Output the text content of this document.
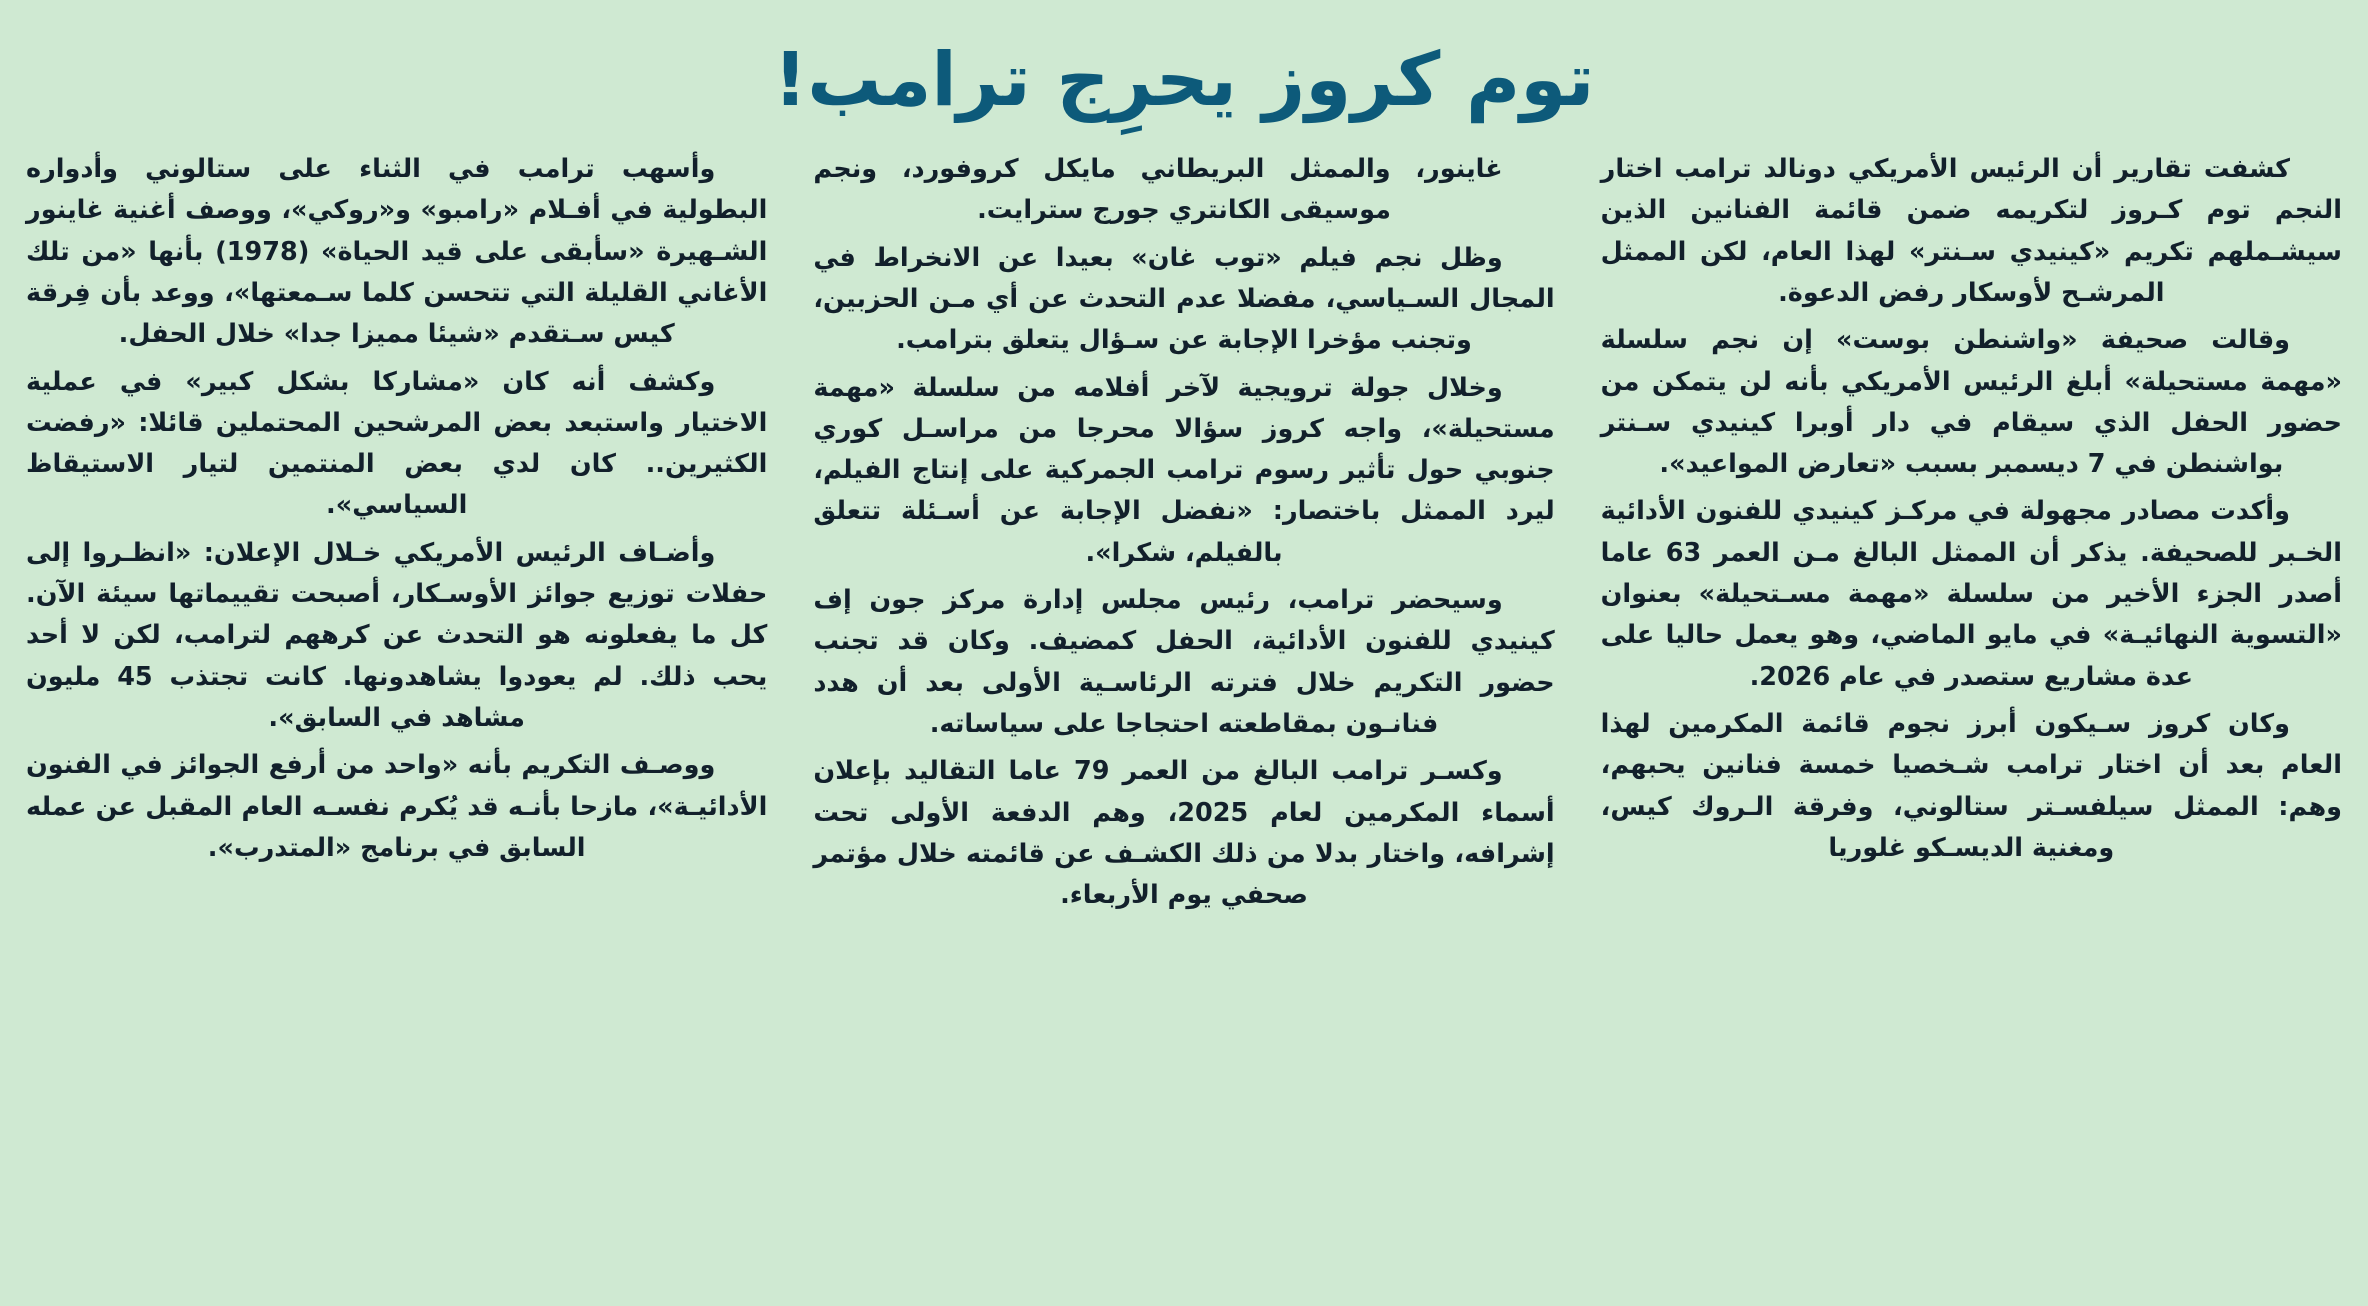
توم كروز يحرِج ترامب!

كشفت تقارير أن الرئيس الأمريكي دونالد ترامب اختار النجم توم كـروز لتكريمه ضمن قائمة الفنانين الذين سيشـملهم تكريم «كينيدي سـنتر» لهذا العام، لكن الممثل المرشـح لأوسكار رفض الدعوة.

وقالت صحيفة «واشنطن بوست» إن نجم سلسلة «مهمة مستحيلة» أبلغ الرئيس الأمريكي بأنه لن يتمكن من حضور الحفل الذي سيقام في دار أوبرا كينيدي سـنتر بواشنطن في 7 ديسمبر بسبب «تعارض المواعيد».

وأكدت مصادر مجهولة في مركـز كينيدي للفنون الأدائية الخـبر للصحيفة. يذكر أن الممثل البالغ مـن العمر 63 عاما أصدر الجزء الأخير من سلسلة «مهمة مسـتحيلة» بعنوان «التسوية النهائيـة» في مايو الماضي، وهو يعمل حاليا على عدة مشاريع ستصدر في عام 2026.

وكان كروز سـيكون أبرز نجوم قائمة المكرمين لهذا العام بعد أن اختار ترامب شـخصيا خمسة فنانين يحبهم، وهم: الممثل سيلفسـتر ستالوني، وفرقة الـروك كيس، ومغنية الديسـكو غلوريا

غاينور، والممثل البريطاني مايكل كروفورد، ونجم موسيقى الكانتري جورج سترايت.

وظل نجم فيلم «توب غان» بعيدا عن الانخراط في المجال السـياسي، مفضلا عدم التحدث عن أي مـن الحزبين، وتجنب مؤخرا الإجابة عن سـؤال يتعلق بترامب.

وخلال جولة ترويجية لآخر أفلامه من سلسلة «مهمة مستحيلة»، واجه كروز سؤالا محرجا من مراسـل كوري جنوبي حول تأثير رسوم ترامب الجمركية على إنتاج الفيلم، ليرد الممثل باختصار: «نفضل الإجابة عن أسـئلة تتعلق بالفيلم، شكرا».

وسيحضر ترامب، رئيس مجلس إدارة مركز جون إف كينيدي للفنون الأدائية، الحفل كمضيف. وكان قد تجنب حضور التكريم خلال فترته الرئاسـية الأولى بعد أن هدد فنانـون بمقاطعته احتجاجا على سياساته.

وكسـر ترامب البالغ من العمر 79 عاما التقاليد بإعلان أسماء المكرمين لعام 2025، وهم الدفعة الأولى تحت إشرافه، واختار بدلا من ذلك الكشـف عن قائمته خلال مؤتمر صحفي يوم الأربعاء.

وأسهب ترامب في الثناء على ستالوني وأدواره البطولية في أفـلام «رامبو» و«روكي»، ووصف أغنية غاينور الشـهيرة «سأبقى على قيد الحياة» (1978) بأنها «من تلك الأغاني القليلة التي تتحسن كلما سـمعتها»، ووعد بأن فِرقة كيس سـتقدم «شيئا مميزا جدا» خلال الحفل.

وكشف أنه كان «مشاركا بشكل كبير» في عملية الاختيار واستبعد بعض المرشحين المحتملين قائلا: «رفضت الكثيرين.. كان لدي بعض المنتمين لتيار الاستيقاظ السياسي».

وأضـاف الرئيس الأمريكي خـلال الإعلان: «انظـروا إلى حفلات توزيع جوائز الأوسـكار، أصبحت تقييماتها سيئة الآن. كل ما يفعلونه هو التحدث عن كرههم لترامب، لكن لا أحد يحب ذلك. لم يعودوا يشاهدونها. كانت تجتذب 45 مليون مشاهد في السابق».

ووصـف التكريم بأنه «واحد من أرفع الجوائز في الفنون الأدائيـة»، مازحا بأنـه قد يُكرم نفسـه العام المقبل عن عمله السابق في برنامج «المتدرب».
